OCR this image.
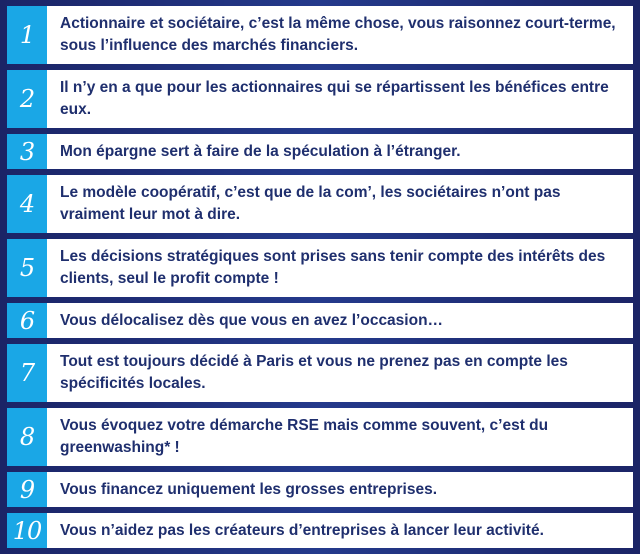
1	Actionnaire et sociétaire, c’est la même chose, vous raisonnez court-terme, sous l’influence des marchés financiers.
2	Il n’y en a que pour les actionnaires qui se répartissent les bénéfices entre eux.
3	Mon épargne sert à faire de la spéculation à l’étranger.
4	Le modèle coopératif, c’est que de la com’, les sociétaires n’ont pas vraiment leur mot à dire.
5	Les décisions stratégiques sont prises sans tenir compte des intérêts des clients, seul le profit compte !
6	Vous délocalisez dès que vous en avez l’occasion…
7	Tout est toujours décidé à Paris et vous ne prenez pas en compte les spécificités locales.
8	Vous évoquez votre démarche RSE mais comme souvent, c’est du greenwashing* !
9	Vous financez uniquement les grosses entreprises.
10	Vous n’aidez pas les créateurs d’entreprises à lancer leur activité.
